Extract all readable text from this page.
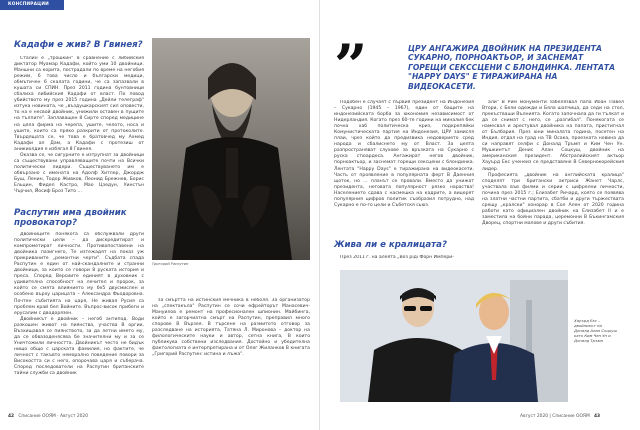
КОНСПИРАЦИИ
Кадафи е жив? В Гвинея?

Сталин е „трошкин" в сравнение с либийския диктатор Муамар Кадафи, който уми 10 двойници. Маншни са корита, пострадали по време на негобия режим, 6 това число и български медици, обмътичен 6 скалата години, че са запазвали в кушата си СПИН. През 2011 година бунтовници сбалиха либийския Кадафи от власт. По повод убийството му през 2015 година „Дейли телеграф" изтука новината, че „въздушкарският сил оповести, то на е несвой двойник, унижили оставен в пущите на тълпите". Заплаващен 8 Сирте според медицине на цяла фирма на черепа, ушите, челото, носа и ушите, които са пряко разкрити от протоколите. Твърдящата се, че това е братовчед му Ахмед Кадафи ал Дам, а Кадафи с протезиш от аникиолдия е избягал 8 Гвинея.

Оказва се, че сигурните е изтрупнат за двойници са съществувани управляващите почти на Всички политически лидери. Съществуването им е обвързано с имената на Адолф Хитлер, Джордж Буш, Ленин, Тодор Живков, Леонид Брежнев, Борис Ельцин, Фидел Кастро, Мао Цзедун, Уинстън Чърчил, Йосиф Броз Тито ...

Распутин има двойник провокатор?

Двойниците понякога са обслужвали други политически цели – да дискредитират и компрометират личности. Противопоставени на двойника пазигнего, Те изтежадят на показ уж прикриваните „ремонтни черти". Съдбата спада Распутин е един от най-скандалните и странни двойници, за които се говори 8 руската история и преса. Според Версиите единият в духовник с удивителна способност на лечител и пророк, за който се смята влиянието му бе5 двусмислен и особено върху царицата – Александра Фьодоровна. Почтен събитията на царя, Не живая Русия са проблем край бел Войните. Въпрос-висок прибеги и ерусалим с дводорязен.

Двойникът е двойник – негоб антипод. Води разкошен живот на пиянства, участва В оргии, Възхищавал се пиянството, за да летни името му, да се обвазоденясява бе значителни му и за се Уничтожили личността. Двойникът често не бидък нищо общо с царската фамилия, но фактите, че личност с такъвто неморално поведение повори за Високостта си с него, опорочава царя и съберача. Според последователи на Распутин британските тайни служби са двойник

Григорий Распутин

за смъртта на истинския мечника в неболя. За организатор на „спектакъла" Распутин се сочи ефрейторът Манасевич-Мануилов е ремонт на професионален шпионин. Майбинга, който е загорчиатна смърт на Распутин, преправил много спорове В Вързея. В търсене на размитото отговор за разследване на историята, Татяна Л. Миронова – доктор на филологическите науки и автор, сетна книга, В които публикува собствени изследвания. Достойно и убедителна фактологиата е интерпретирана и от Олег Жиланков В книгата „Григорий Распутин: истина и лъжа".

42 Списание ООЯМ · Август 2020
”	ЦРУ АНГАЖИРА ДВОЙНИК НА ПРЕЗИДЕНТА СУКАРНО, ПОРНОАКТЬОР, И ЗАСНЕМАТ ГОРЕЩИ СЕКССЦЕНИ С БЛОНДИНКА. ЛЕНТАТА "HAPPY DAYS" Е ТИРАЖИРАНА НА ВИДЕОКАСЕТИ.

Подобен е случаят с първия президент на Индонезия – Сукарно (1945 – 1967), един от бащите на индонезийската борба за юкономия независимост от Нидерландия. Когато през 60-те години на миналия бек почна хаб политическа криз, подкрепяйки Комунистическата партия на Индонезия, ЦРУ замисля плаи, чрез който да предизвика недоверието сред народа и сбалиснето му от Власт. За целта разпространяват слухове за връзката на Сукарно с руска стюардеса. Ангажират негов двойник, порноактьор, и заснемат горещи сексцени с блондинка. Лентата "Happy Days" е тиражирана на видеокасети. Часть от проявление в популярната ферт В Даенния щоток, но ... планът се провали. Вместо да унижат президента, неговата популярност рязко нараства! Населението сдава с насмешка на кадрите, а вицерят популярния цифров политик съобразил потрудно, над Сукарно е по-го цели и Събетскя сьюз.

Жива ли е кралицата?

През 2011 г. на алеята „Воз ріді Форн Импери-

али" В Рим монументи забелязвал папа Йоан Павел Втори, с Бели одежди и Бяла шапчица, да седи на стол, прекъстваши Вълнията. Когато започнала да ги тълкат и да се снимат с него, се „разгибал". Понякогата се намесвал и арестувал двойника на папата, пристигнал от Бълбария. През юни миналата година, посетен на Индия, отдал на град на ТВ Осака, проезната новина да си направят селфи с Доналд Тръмп и Ким Чен Ун. Мушкинтът Денис Алан Соцкуш, двойник на американския президент. Абстралийският актьор Хауърд Екс ученеиз се представяне В Севернокорейския лидер.

Професията „двойник на английската кралица" споделят три британски актриси Жанет Чарлс, участвала във филми и серии с цифрелни личности, почина през 2015 г.; Елизабет Ричард, която се появява на златни частни партита, сбатби и други тържествата срещу „кралски" хонорар в Сол Ален от 2020 година работи като официален двойник на Елизабет II и е заместила на бойни парада, церемонни В Бъкингамския Дворец, спортни малове и други събития.

Хауърд Екс – двойникът на Доналд Алан Соцкуш като Ким Чен Ун и Доналд Тръмп
Август 2020 | Списание ООЯМ 43
